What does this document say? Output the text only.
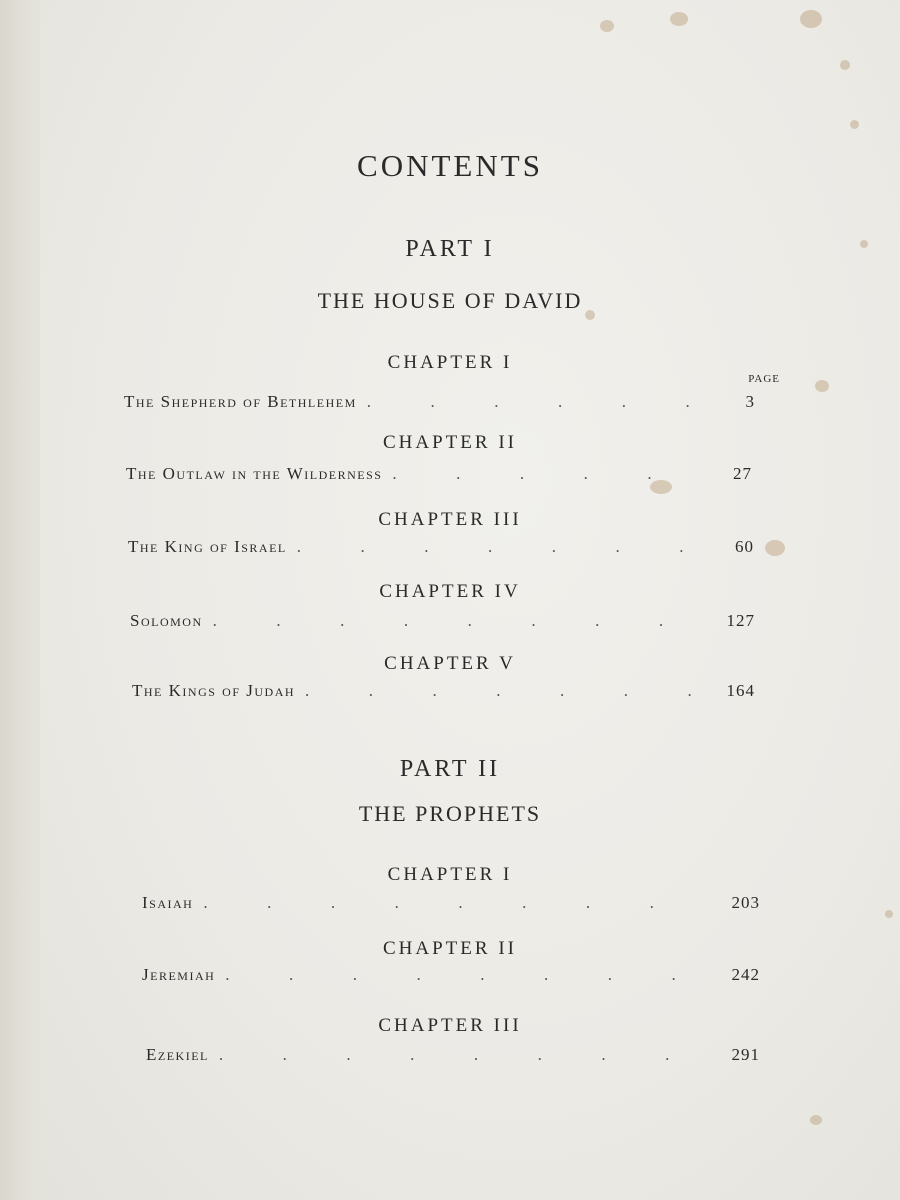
CONTENTS
PART I
THE HOUSE OF DAVID
CHAPTER I
PAGE
The Shepherd of Bethlehem .	3
CHAPTER II
The Outlaw in the Wilderness .	27
CHAPTER III
The King of Israel .	60
CHAPTER IV
Solomon .	127
CHAPTER V
The Kings of Judah .	164
PART II
THE PROPHETS
CHAPTER I
Isaiah .	203
CHAPTER II
Jeremiah .	242
CHAPTER III
Ezekiel .	291
